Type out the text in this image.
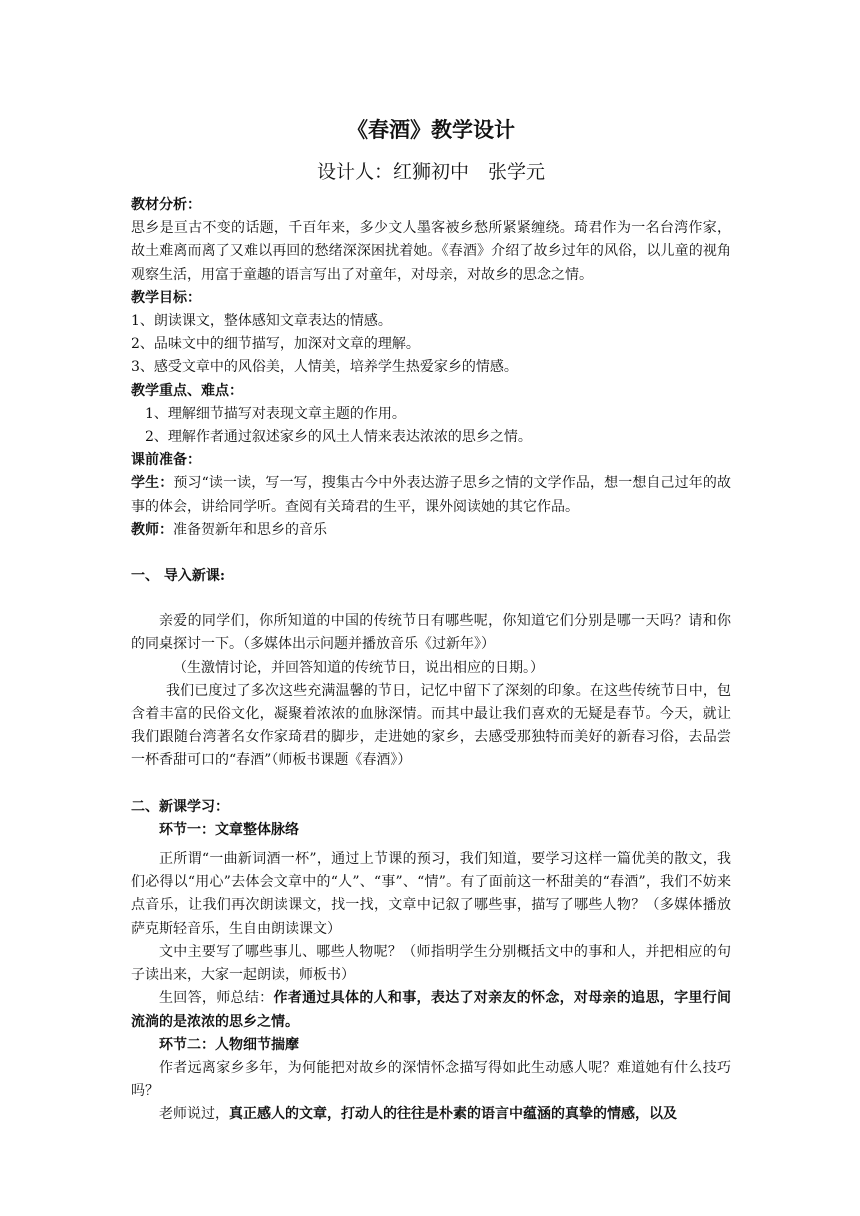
《春酒》教学设计
设计人：红狮初中　张学元

教材分析：

思乡是亘古不变的话题，千百年来，多少文人墨客被乡愁所紧紧缠绕。琦君作为一名台湾作家，故土难离而离了又难以再回的愁绪深深困扰着她。《春酒》介绍了故乡过年的风俗，以儿童的视角观察生活，用富于童趣的语言写出了对童年，对母亲，对故乡的思念之情。

教学目标：

1、朗读课文，整体感知文章表达的情感。

2、品味文中的细节描写，加深对文章的理解。

3、感受文章中的风俗美，人情美，培养学生热爱家乡的情感。

教学重点、难点：

1、理解细节描写对表现文章主题的作用。

2、理解作者通过叙述家乡的风土人情来表达浓浓的思乡之情。

课前准备：

学生：预习“读一读，写一写，搜集古今中外表达游子思乡之情的文学作品，想一想自己过年的故事的体会，讲给同学听。查阅有关琦君的生平，课外阅读她的其它作品。

教师：准备贺新年和思乡的音乐

一、 导入新课:

亲爱的同学们，你所知道的中国的传统节日有哪些呢，你知道它们分别是哪一天吗？请和你的同桌探讨一下。（多媒体出示问题并播放音乐《过新年》）

（生激情讨论，并回答知道的传统节日，说出相应的日期。）

我们已度过了多次这些充满温馨的节日，记忆中留下了深刻的印象。在这些传统节日中，包含着丰富的民俗文化，凝聚着浓浓的血脉深情。而其中最让我们喜欢的无疑是春节。今天，就让我们跟随台湾著名女作家琦君的脚步，走进她的家乡，去感受那独特而美好的新春习俗，去品尝一杯香甜可口的“春酒”（师板书课题《春酒》）

二、新课学习：

环节一：文章整体脉络

正所谓“一曲新词酒一杯”，通过上节课的预习，我们知道，要学习这样一篇优美的散文，我们必得以“用心”去体会文章中的“人”、“事”、“情”。有了面前这一杯甜美的“春酒”，我们不妨来点音乐，让我们再次朗读课文，找一找，文章中记叙了哪些事，描写了哪些人物？（多媒体播放萨克斯轻音乐，生自由朗读课文）

文中主要写了哪些事儿、哪些人物呢？（师指明学生分别概括文中的事和人，并把相应的句子读出来，大家一起朗读，师板书）

生回答，师总结：作者通过具体的人和事，表达了对亲友的怀念，对母亲的追思，字里行间流淌的是浓浓的思乡之情。

环节二：人物细节揣摩

作者远离家乡多年，为何能把对故乡的深情怀念描写得如此生动感人呢？难道她有什么技巧吗？

老师说过，真正感人的文章，打动人的往往是朴素的语言中蕴涵的真挚的情感，以及
